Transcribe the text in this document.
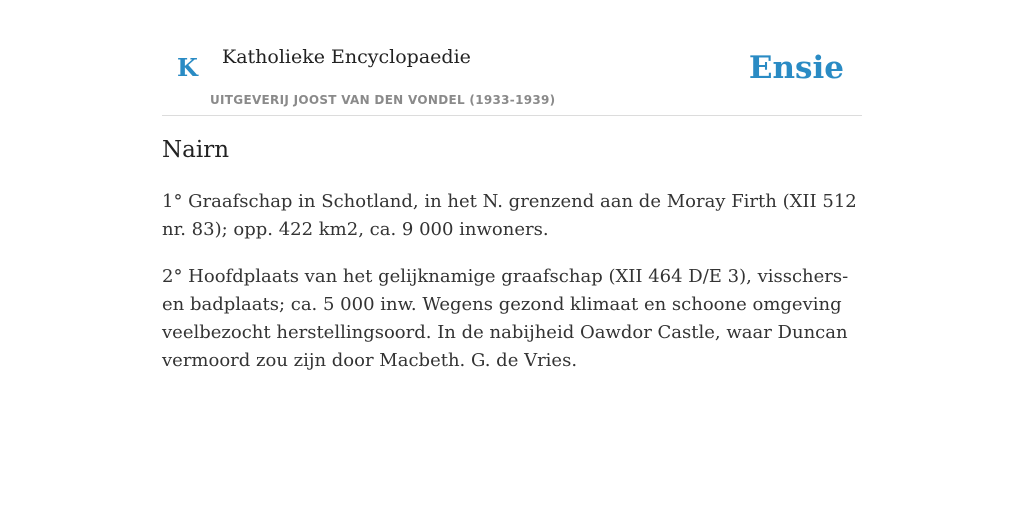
K Katholieke Encyclopaedie
UITGEVERIJ JOOST VAN DEN VONDEL (1933-1939)
Ensie
Nairn

1° Graafschap in Schotland, in het N. grenzend aan de Moray Firth (XII 512 nr. 83); opp. 422 km2, ca. 9 000 inwoners.

2° Hoofdplaats van het gelijknamige graafschap (XII 464 D/E 3), visschers- en badplaats; ca. 5 000 inw. Wegens gezond klimaat en schoone omgeving veelbezocht herstellingsoord. In de nabijheid Oawdor Castle, waar Duncan vermoord zou zijn door Macbeth. G. de Vries.
